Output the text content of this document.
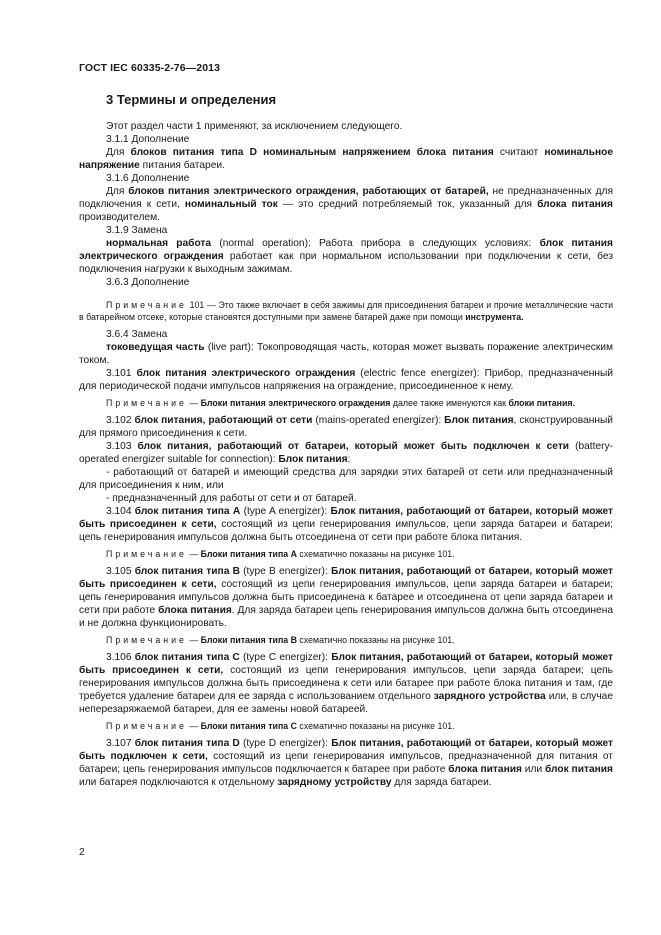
ГОСТ IEC 60335-2-76—2013
3 Термины и определения

Этот раздел части 1 применяют, за исключением следующего.

3.1.1 Дополнение

Для блоков питания типа D номинальным напряжением блока питания считают номинальное напряжение питания батареи.

3.1.6 Дополнение

Для блоков питания электрического ограждения, работающих от батарей, не предназначенных для подключения к сети, номинальный ток — это средний потребляемый ток, указанный для блока питания производителем.

3.1.9 Замена

нормальная работа (normal operation): Работа прибора в следующих условиях: блок питания электрического ограждения работает как при нормальном использовании при подключении к сети, без подключения нагрузки к выходным зажимам.

3.6.3 Дополнение

Примечание 101 — Это также включает в себя зажимы для присоединения батареи и прочие металлические части в батарейном отсеке, которые становятся доступными при замене батарей даже при помощи инструмента.

3.6.4 Замена

токоведущая часть (live part): Токопроводящая часть, которая может вызвать поражение электрическим током.

3.101 блок питания электрического ограждения (electric fence energizer): Прибор, предназначенный для периодической подачи импульсов напряжения на ограждение, присоединенное к нему.

Примечание — Блоки питания электрического ограждения далее также именуются как блоки питания.

3.102 блок питания, работающий от сети (mains-operated energizer): Блок питания, сконструированный для прямого присоединения к сети.

3.103 блок питания, работающий от батареи, который может быть подключен к сети (battery-operated energizer suitable for connection): Блок питания:

- работающий от батарей и имеющий средства для зарядки этих батарей от сети или предназначенный для присоединения к ним, или

- предназначенный для работы от сети и от батарей.

3.104 блок питания типа А (type A energizer): Блок питания, работающий от батареи, который может быть присоединен к сети, состоящий из цепи генерирования импульсов, цепи заряда батареи и батареи; цепь генерирования импульсов должна быть отсоединена от сети при работе блока питания.

Примечание — Блоки питания типа А схематично показаны на рисунке 101.

3.105 блок питания типа В (type B energizer): Блок питания, работающий от батареи, который может быть присоединен к сети, состоящий из цепи генерирования импульсов, цепи заряда батареи и батареи; цепь генерирования импульсов должна быть присоединена к батарее и отсоединена от цепи заряда батареи и сети при работе блока питания. Для заряда батареи цепь генерирования импульсов должна быть отсоединена и не должна функционировать.

Примечание — Блоки питания типа В схематично показаны на рисунке 101.

3.106 блок питания типа С (type C energizer): Блок питания, работающий от батареи, который может быть присоединен к сети, состоящий из цепи генерирования импульсов, цепи заряда батареи; цепь генерирования импульсов должна быть присоединена к сети или батарее при работе блока питания и там, где требуется удаление батареи для ее заряда с использованием отдельного зарядного устройства или, в случае неперезаряжаемой батареи, для ее замены новой батареей.

Примечание — Блоки питания типа С схематично показаны на рисунке 101.

3.107 блок питания типа D (type D energizer): Блок питания, работающий от батареи, который может быть подключен к сети, состоящий из цепи генерирования импульсов, предназначенной для питания от батареи; цепь генерирования импульсов подключается к батарее при работе блока питания или блок питания или батарея подключаются к отдельному зарядному устройству для заряда батареи.

2
